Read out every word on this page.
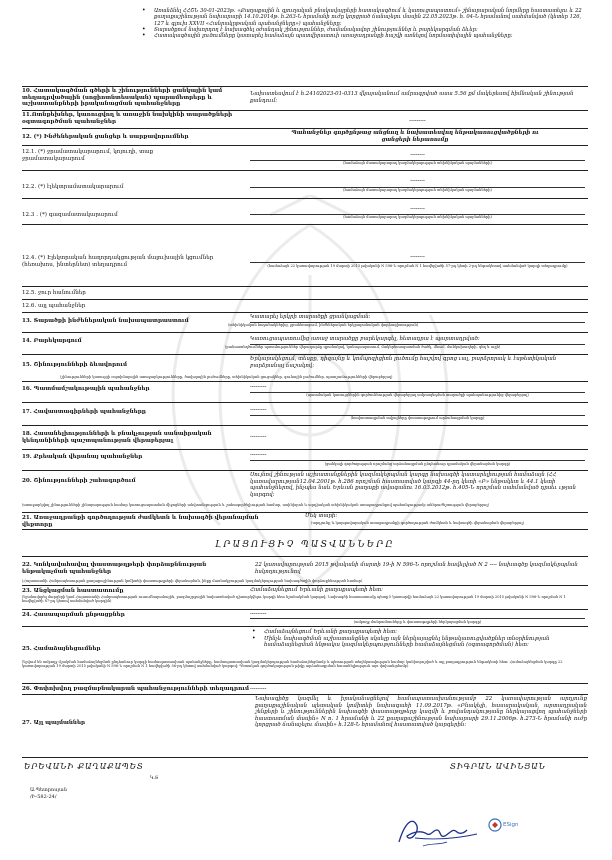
• Առանձնել ՀՀՇՆ 30-01-2023թ. «Քաղաքային և գյուղական բնակավայրերի հատակագծում և կառուցապատում» շինարարական նորմերը հաստատելու և 22 քաղաքաշինության նախարարի 14.10.2014թ. հ.263-Ն հրամանի ուժը կորցրած ճանաչելու մասին 22.05.2023թ. հ. 04-Ն հրամանով սահմանված (կետեր 126, 127 և գլուխ XXVII «Հանրակրթական պահանջները») պահանջները։
• Տարածքում նախորդող է նախագծել օժանդակ շինություններ, ժամանակավոր շինություններ և բարեկարգման ձևեր։
• Հատակագծային լուծումները կատարել համաձայն պատվիրատուի առաջադրանքի հաշվի առնելով նորմատիվային պահանջները։
10. Հատակագծման գծերի և շինությունների ցանկային կամ տեղադրվածային (սոցիոտնտեսական) պարամետրերը և աշխատանքների իրականացման պահանջները
Նախատեսվում է հ.24102023-01-0313 վկայականում ամրագրված ասա 5.56 քմ մակերեսով հիմնական շինության քանդում։
11.Ոտնքեխներ, կառուցվող և առաջին նախկինի տարածքների օգտագործման պահանջներ	---------
12. (*) Ինժեներական ցանցեր և սարքավորումներ
Պահանջներ գործընթաց անցնող և նախատեսվող ենթակառուցվածքների ու ցանցերի ներառումը
12.1. (*) ջրամատակարարում, կոյուղի, տաք ջրամատակարարում
--------
(համաձայն մատակարարող կազմակերպության տեխնիկական պայմանների)
12.2. (*) էլեկտրամատակարարում
--------
(համաձայն մատակարարող կազմակերպության տեխնիկական պայմանների)
12.3 . (*) գազամատակարարում
--------
(համաձայն մատակարարող կազմակերպության տեխնիկական պայմանների)
12.4. (*) Էլեկտրական հաղորդակցության մալուխային կցումներ (հեռախոս, ինտերնետ) տեղադրում
--------
(համաձայն 22 կառավարության 19 մարտի 2015 թվականի N 596-Ն որոշման N 1 հավելվածի 57-րդ կետի 2-րդ ենթակետով սահմանված կարգի տեղադրումը)
12.5. ջուր հանումներ
12.6. այլ պահանջներ
13. Տարածքի ինժեներական նախապատրաստում
Կատարել երկրի տարածքի ցրանկացման:
(տեխնիկական հոդանակներից, ջրահեռացում, ինժեներական երկրաբանական փորձագիտություն)
14. Բարեկարգում	Կառուցապատումից առաջ տարածքը բարեկարգել, հետադրա է պարտադրված։
(բանաստեղծումներ պատմություններ վերադարձը գրանակով, կանաչապատում, մակերեսապատման ծածկ, մնում, մանկախաղերի, գեղ և այլն)
15. Շինությունների ձևավորում
Երկարակեցում, տեսքը, դիզայնը և կոմպոզիցիոն լուծումը հաշվով գրոց ւալ, բարձրորակ և էսթետիկական բարձրանալ ճաշակով։
(շինությունների կառույցի օպտիմալային առաջարկությունները, ծավալային լուծումները, տեխնիկական ցուցակներ, գունային լուծումներ, պատշաճությունների վերաբերյալ)
16. Պատմամշակութային պահանջներ	---------
(պատմական կառույցներին գործունեության վերաբերյալ ամրապնդման տարածքի պահպանությունից վերաբերյալ)
17. Հավաստագիրների պահանջները	---------
(հավաստագրման տվյալները փաստաթղթում արձանագրման կարգը)
18. Հասանելիությունների և բնակչության սանաիրական կենդանիների պաշտպանության վերաբերյալ
---------
19. Քրեական վերանայ պահանջներ	---------
(ցանկալի գործողության որոշմանց արձանագրման ընդհանուր դրամական վերանայման կարգը)
20. Շինությունների շահագործում
Սույնով շինության աշխատանքներին կազմակերպման կարգը նախագծի կատարելիության համաձայն (ՀՀ կառավարության12.04.2001թ. հ.286 որոշման հաստատված կարգի 44-րդ կետի «Բ» ենթակետ և 44.1 կետի պահանջներով, ինչպես նաև Երևան քաղաքի ավագանու 16.03.2012թ. հ.405-Ն որոշման սահմանված դրսեւ ւթյան կարգով։
(առաջարկվող շինությունների շինարարության համար կառուցապատման միջոցների անվտանգության և շահագործելիության համար, ասինխրոն և արդիական տեխնիկական առաջադրանքով պահանջությամբ անհրաժեշտության վերաբերյալ)
21. Առաջադրանքի գործողության ժամկետն և նախագծի վերանայման վեքտորը
Մեկ տարի:
(արդյունք և կարգավարական առաջադրանքի գործողության ժամկետն և նախագծի վերանայման վերաբերյալ)
ԼՐԱՑՈՒՑԻՉ ՊԱՏՎԱՆՆԵՐԸ
22. Կոնկավահավալ փաստաթղթերի փորձաքննության ենթակաչման պահանջներ
22 կառավարության 2015 թվականի մարտի 19-ի N 596-Ն որոշման հավելված N 2 ---- նախագծը կազմակերպման հսկողությունով
(Հայաստանի Հանրապետության քաղաքաշինության կոմիտեի փաստաթղթերի վերանայման, ինքը մասնակցության կազմակերպության նախագծային փորձաքննության համար)
23. Անցկացման հաստատումը	Համաձայնեցում Երևանի քաղաքապետի հետ:
(նշանավորել մարզերի կամ Հայաստանի Հանրապետության ուսումնարանային, բազմաշրջային նախատեսված դիտարկվելու կարգի հետ նշանակման կարգով։ Նախագծի հաստատումը պետք է կատարվի համաձայն 22 կառավարության 19 մարտի 2015 թվականի N 596-Ն որոշման N 1 հավելվածի 87-րդ կետով սահմանված կարգին)
24. Հասապարման ընթացքներ	---------
(ամբողջ մանրամասները և փաստաթղթերի ներկայացման կարգը)
25. Համաձայնեցումներ
• Համաձայնեցում Երևանի քաղաքապետի հետ:
• Մինչև նախագծման աշխատանքներ սկսելը այն ներկայացնել ենթակառուցվածքներ տնօրինության համաձայնեցման ենթակա կազմակերպությունների համաձայնեցման (օգտագործման) հետ:
(նշվում են ամբողջ մշակման համաձայնեցման ընդհանուր կարգի համապատասխան պահանջները, համապատասխան կազմակերպության համաձայնեցմամբ և պետության տեղեկատվության համար կանխորոշված և այլ բաղադրություն ենթակետի հետ։ Համաձայնեցման կարգը 22 կառավարության 19 մարտի 2015 թվականի N 596-Ն որոշման N 1 հավելվածի 56-րդ կետով սահմանված կարգով։ Պետական գործակալության թիվը արձանագրման հասանելիություն այս փոխանցմամբ)
26. Փոփոխվող բազմաբնակարան պահանջությունների տեղադրում ---------
27. Այլ պայմաններ
Նախագիծը կազմել և իրականացնելով համապատասխանությամբ 22 կառավարության արդյունք քաղաքաշինական պետական կոմիտեի նախագահի 11.09.2017թ. «Բնակելի, հասարակական, արտադրական շենքերի և շինություններին նախագծի փաստաթղթերը կազմի և բովանդակությանը ներկայացվող պահանջների հաստատման մասին» N ո. 1 հրամանի և 22 քաղաքաշինության նախարարի 29.11.2006թ. հ.273-Ն հրամանի ուժը կորցրած ճանաչելու մասին» հ.128-Ն հրամանով հաստատված կարգերին։
ԵՐԵՎԱՆԻ ՔԱՂԱՔԱՊԵՏ	ՏԻԳՐԱՆ ԱՎԻՆՅԱՆ
Կ.Տ
Ա.Պետրոսյան
/Ի-582-24/
ESign
